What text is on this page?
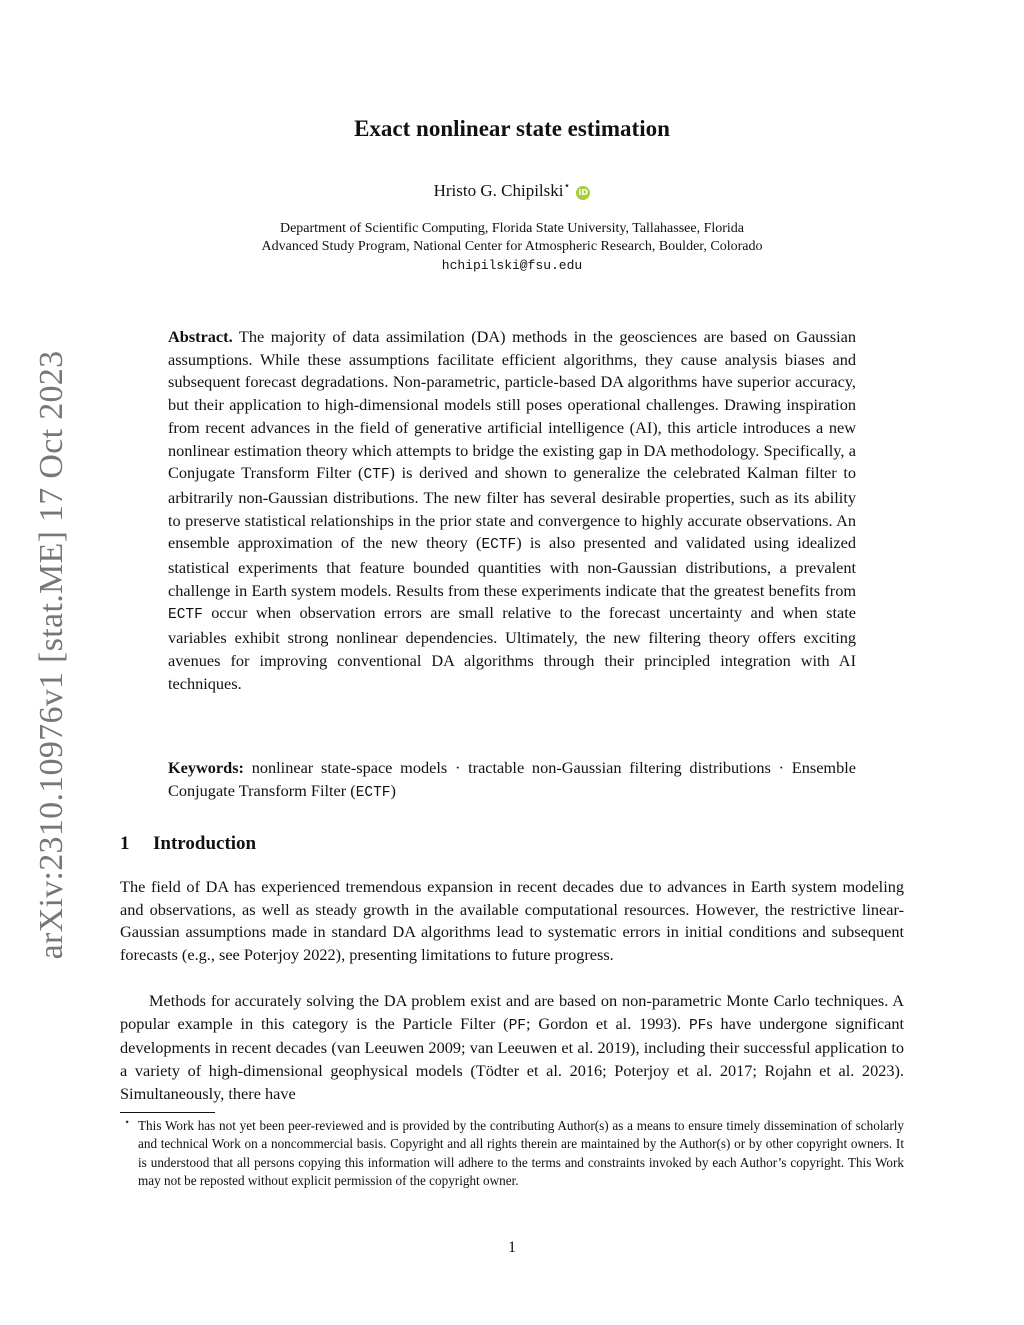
arXiv:2310.10976v1 [stat.ME] 17 Oct 2023
Exact nonlinear state estimation
Hristo G. Chipilski⋆iD
Department of Scientific Computing, Florida State University, Tallahassee, Florida
Advanced Study Program, National Center for Atmospheric Research, Boulder, Colorado
hchipilski@fsu.edu
Abstract. The majority of data assimilation (DA) methods in the geosciences are based on Gaussian assumptions. While these assumptions facilitate efficient algorithms, they cause analysis biases and subsequent forecast degradations. Non-parametric, particle-based DA algorithms have superior accuracy, but their application to high-dimensional models still poses operational challenges. Drawing inspiration from recent advances in the field of generative artificial intelligence (AI), this article introduces a new nonlinear estimation theory which attempts to bridge the existing gap in DA methodology. Specifically, a Conjugate Transform Filter (CTF) is derived and shown to generalize the celebrated Kalman filter to arbitrarily non-Gaussian distributions. The new filter has several desirable properties, such as its ability to preserve statistical relationships in the prior state and convergence to highly accurate observations. An ensemble approximation of the new theory (ECTF) is also presented and validated using idealized statistical experiments that feature bounded quantities with non-Gaussian distributions, a prevalent challenge in Earth system models. Results from these experiments indicate that the greatest benefits from ECTF occur when observation errors are small relative to the forecast uncertainty and when state variables exhibit strong nonlinear dependencies. Ultimately, the new filtering theory offers exciting avenues for improving conventional DA algorithms through their principled integration with AI techniques.
Keywords: nonlinear state-space models · tractable non-Gaussian filtering distributions · Ensemble Conjugate Transform Filter (ECTF)
1 Introduction
The field of DA has experienced tremendous expansion in recent decades due to advances in Earth system modeling and observations, as well as steady growth in the available computational resources. However, the restrictive linear-Gaussian assumptions made in standard DA algorithms lead to systematic errors in initial conditions and subsequent forecasts (e.g., see Poterjoy 2022), presenting limitations to future progress.
Methods for accurately solving the DA problem exist and are based on non-parametric Monte Carlo techniques. A popular example in this category is the Particle Filter (PF; Gordon et al. 1993). PFs have undergone significant developments in recent decades (van Leeuwen 2009; van Leeuwen et al. 2019), including their successful application to a variety of high-dimensional geophysical models (Tödter et al. 2016; Poterjoy et al. 2017; Rojahn et al. 2023). Simultaneously, there have
⋆ This Work has not yet been peer-reviewed and is provided by the contributing Author(s) as a means to ensure timely dissemination of scholarly and technical Work on a noncommercial basis. Copyright and all rights therein are maintained by the Author(s) or by other copyright owners. It is understood that all persons copying this information will adhere to the terms and constraints invoked by each Author’s copyright. This Work may not be reposted without explicit permission of the copyright owner.
1
